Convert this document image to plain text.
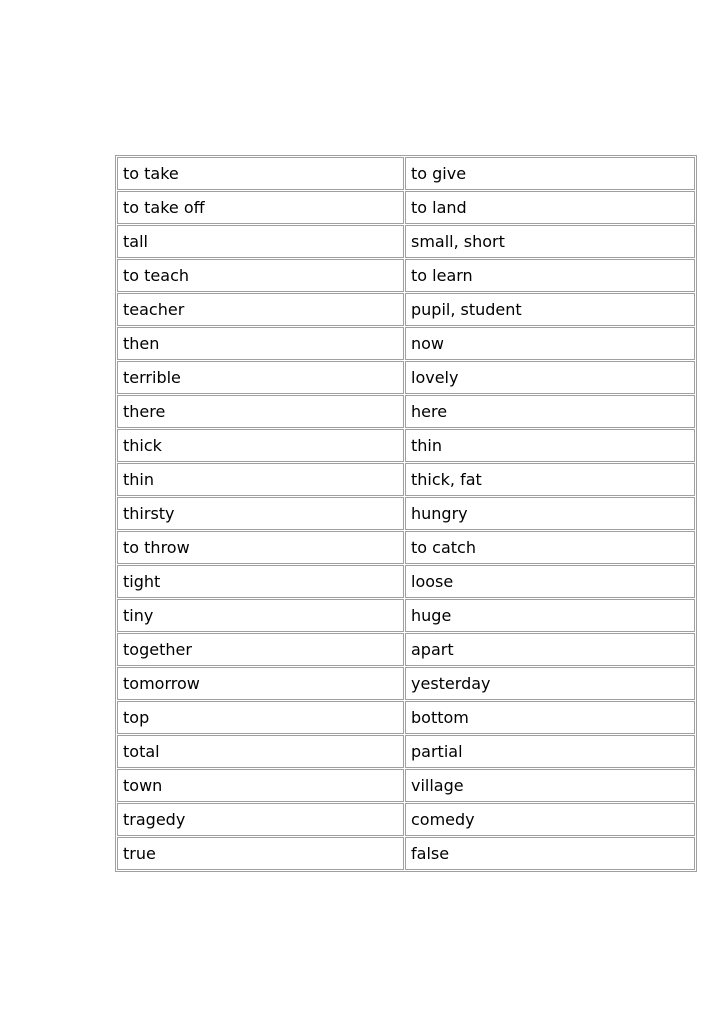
to take	to give
to take off	to land
tall	small, short
to teach	to learn
teacher	pupil, student
then	now
terrible	lovely
there	here
thick	thin
thin	thick, fat
thirsty	hungry
to throw	to catch
tight	loose
tiny	huge
together	apart
tomorrow	yesterday
top	bottom
total	partial
town	village
tragedy	comedy
true	false
